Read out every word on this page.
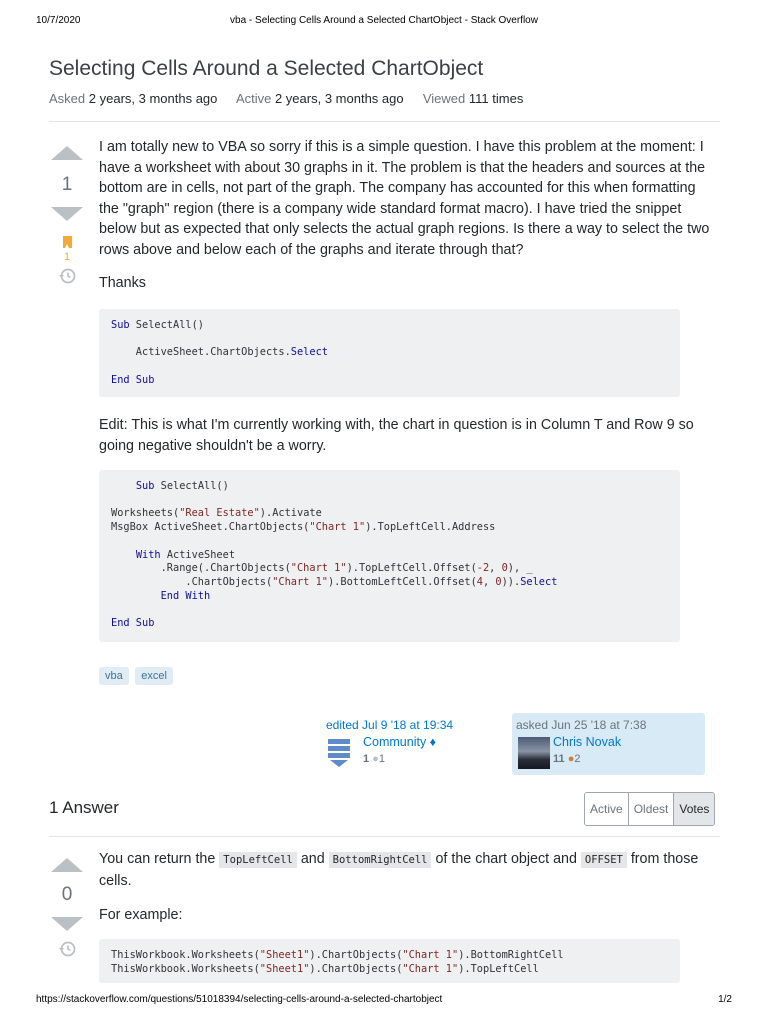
10/7/2020	vba - Selecting Cells Around a Selected ChartObject - Stack Overflow
Selecting Cells Around a Selected ChartObject
Asked 2 years, 3 months ago Active 2 years, 3 months ago Viewed 111 times
1
1

I am totally new to VBA so sorry if this is a simple question. I have this problem at the moment: I have a worksheet with about 30 graphs in it. The problem is that the headers and sources at the bottom are in cells, not part of the graph. The company has accounted for this when formatting the "graph" region (there is a company wide standard format macro). I have tried the snippet below but as expected that only selects the actual graph regions. Is there a way to select the two rows above and below each of the graphs and iterate through that?

Thanks

Sub SelectAll()

ActiveSheet.ChartObjects.Select

End Sub

Edit: This is what I'm currently working with, the chart in question is in Column T and Row 9 so going negative shouldn't be a worry.

Sub SelectAll()

Worksheets("Real Estate").Activate
MsgBox ActiveSheet.ChartObjects("Chart 1").TopLeftCell.Address

With ActiveSheet
.Range(.ChartObjects("Chart 1").TopLeftCell.Offset(-2, 0), _
.ChartObjects("Chart 1").BottomLeftCell.Offset(4, 0)).Select
End With

End Sub
vba excel
edited Jul 9 '18 at 19:34
Community ♦
1 ●1
asked Jun 25 '18 at 7:38
Chris Novak
11 ●2
1 Answer	Active Oldest Votes
0

You can return the TopLeftCell and BottomRightCell of the chart object and OFFSET from those cells.

For example:

ThisWorkbook.Worksheets("Sheet1").ChartObjects("Chart 1").BottomRightCell
ThisWorkbook.Worksheets("Sheet1").ChartObjects("Chart 1").TopLeftCell
https://stackoverflow.com/questions/51018394/selecting-cells-around-a-selected-chartobject	1/2
